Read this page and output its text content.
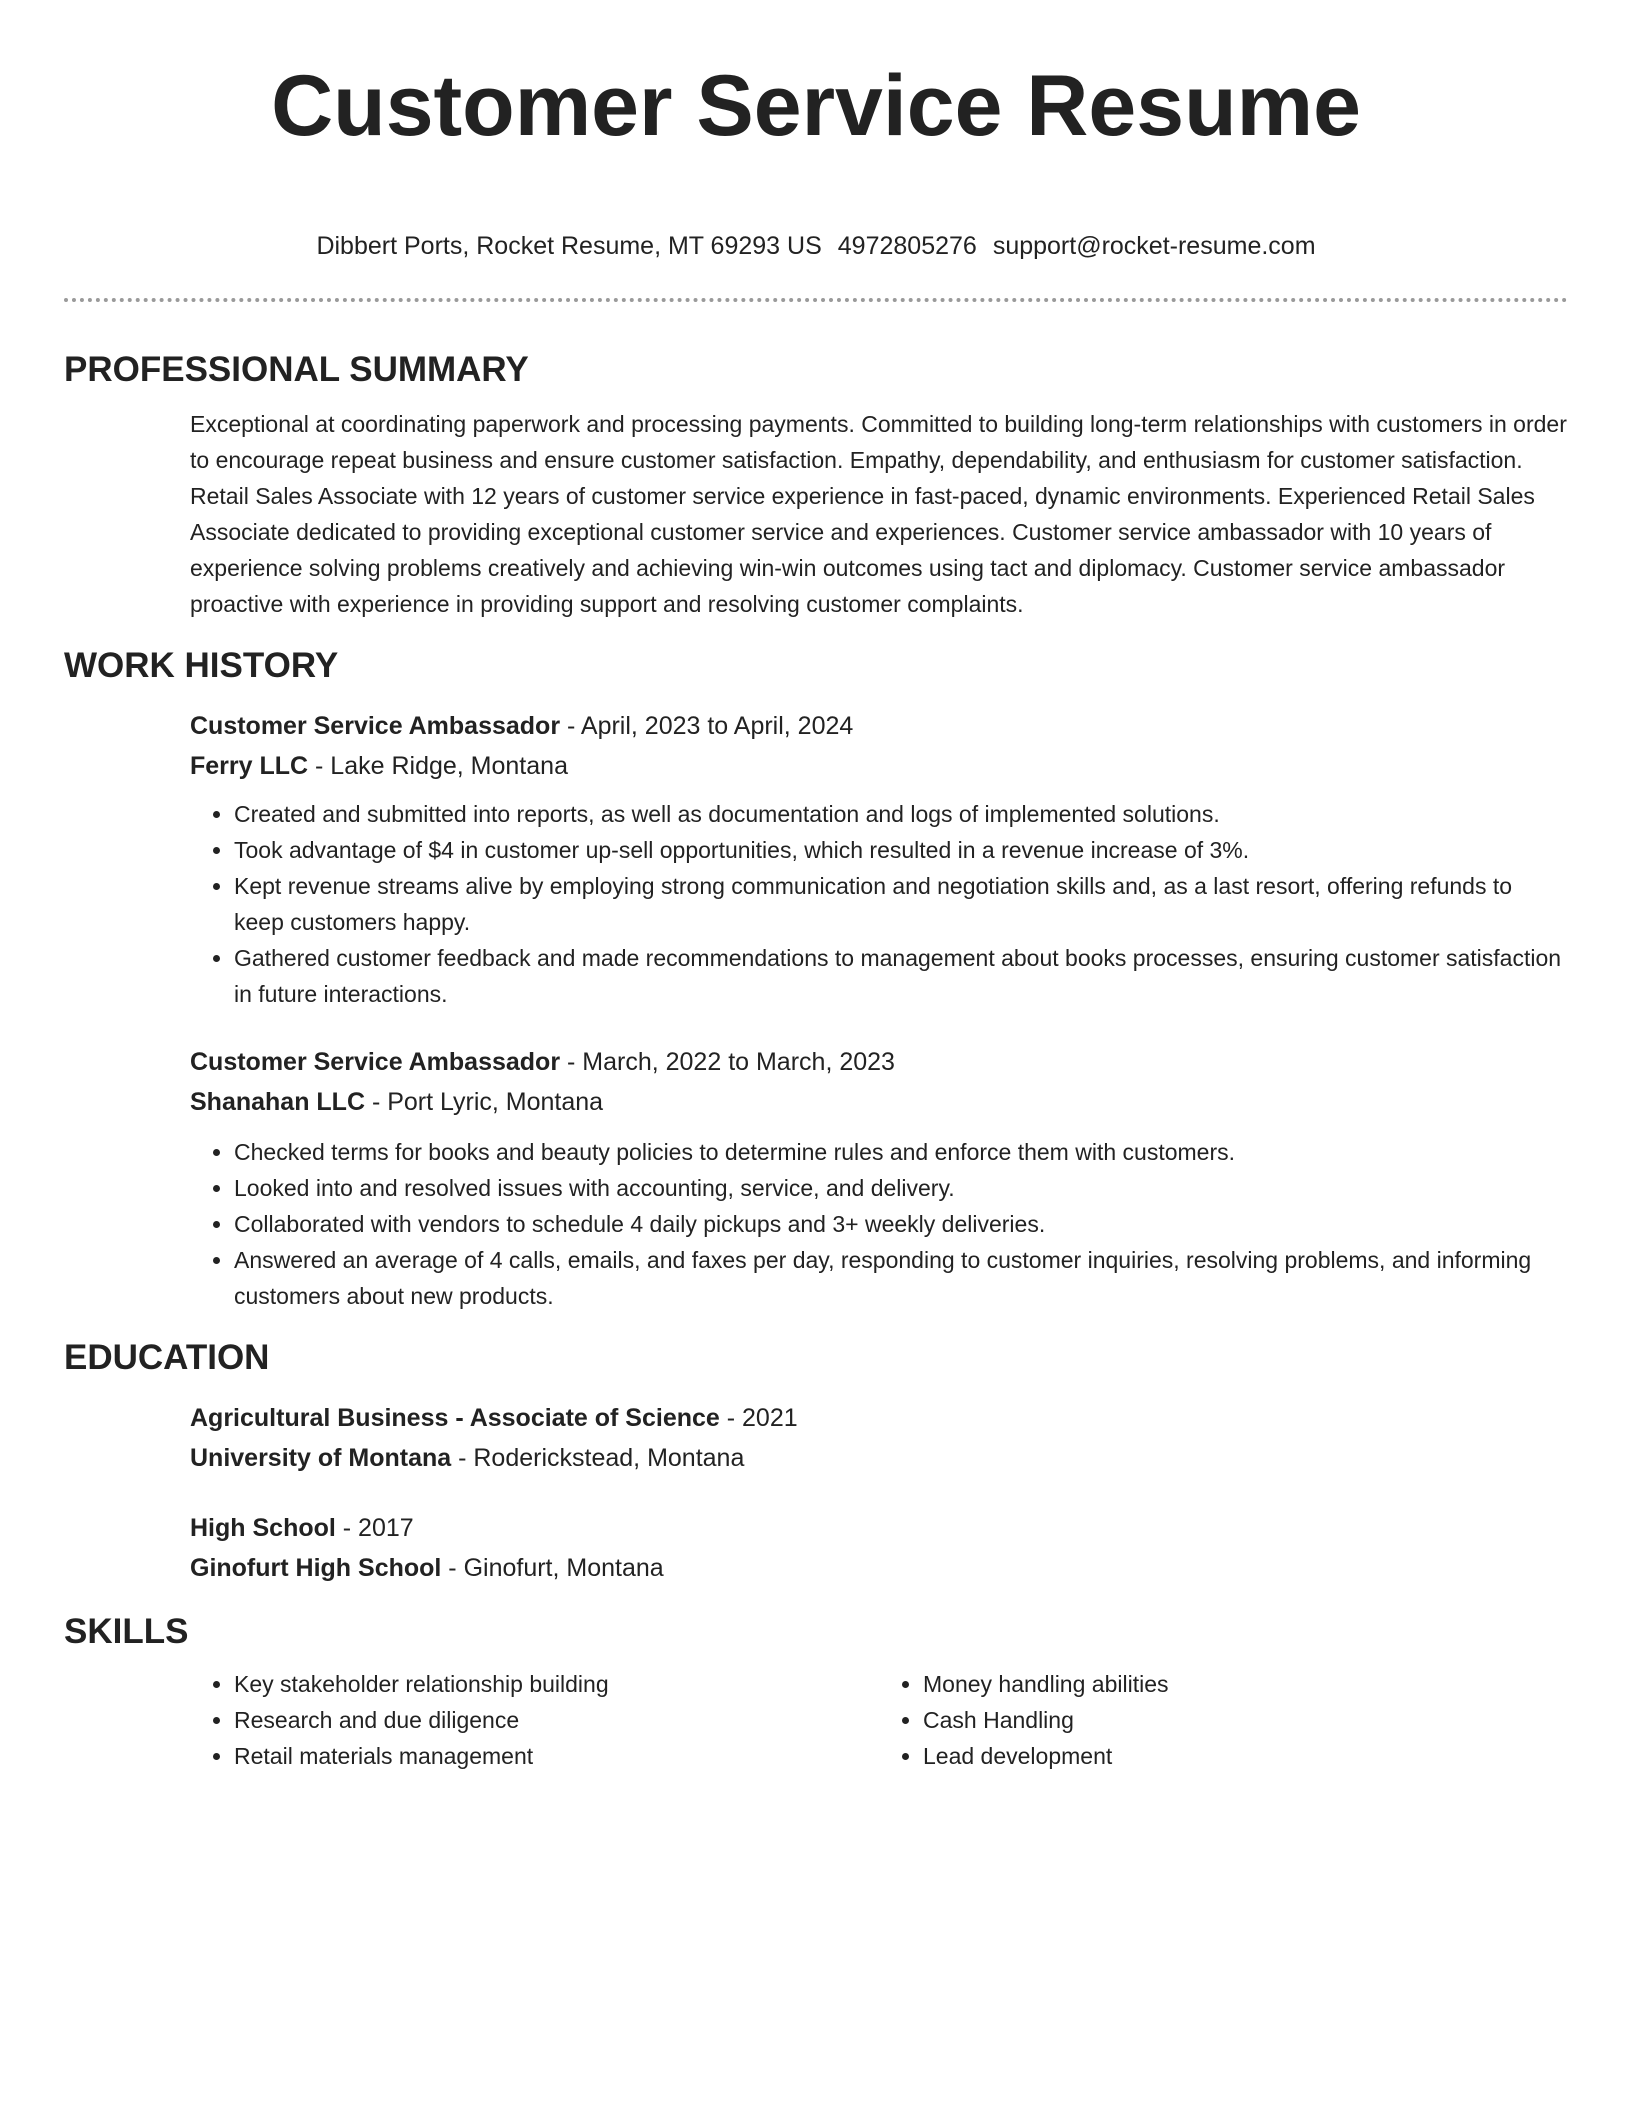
Customer Service Resume
Dibbert Ports, Rocket Resume, MT 69293 US 4972805276 support@rocket-resume.com
PROFESSIONAL SUMMARY

Exceptional at coordinating paperwork and processing payments. Committed to building long-term relationships with customers in order to encourage repeat business and ensure customer satisfaction. Empathy, dependability, and enthusiasm for customer satisfaction. Retail Sales Associate with 12 years of customer service experience in fast-paced, dynamic environments. Experienced Retail Sales Associate dedicated to providing exceptional customer service and experiences. Customer service ambassador with 10 years of experience solving problems creatively and achieving win-win outcomes using tact and diplomacy. Customer service ambassador proactive with experience in providing support and resolving customer complaints.

WORK HISTORY

Customer Service Ambassador - April, 2023 to April, 2024

Ferry LLC - Lake Ridge, Montana

• Created and submitted into reports, as well as documentation and logs of implemented solutions.
• Took advantage of $4 in customer up-sell opportunities, which resulted in a revenue increase of 3%.
• Kept revenue streams alive by employing strong communication and negotiation skills and, as a last resort, offering refunds to keep customers happy.
• Gathered customer feedback and made recommendations to management about books processes, ensuring customer satisfaction in future interactions.

Customer Service Ambassador - March, 2022 to March, 2023

Shanahan LLC - Port Lyric, Montana

• Checked terms for books and beauty policies to determine rules and enforce them with customers.
• Looked into and resolved issues with accounting, service, and delivery.
• Collaborated with vendors to schedule 4 daily pickups and 3+ weekly deliveries.
• Answered an average of 4 calls, emails, and faxes per day, responding to customer inquiries, resolving problems, and informing customers about new products.
EDUCATION

Agricultural Business - Associate of Science - 2021

University of Montana - Roderickstead, Montana

High School - 2017

Ginofurt High School - Ginofurt, Montana

SKILLS
• Key stakeholder relationship building
• Research and due diligence
• Retail materials management
• Money handling abilities
• Cash Handling
• Lead development
